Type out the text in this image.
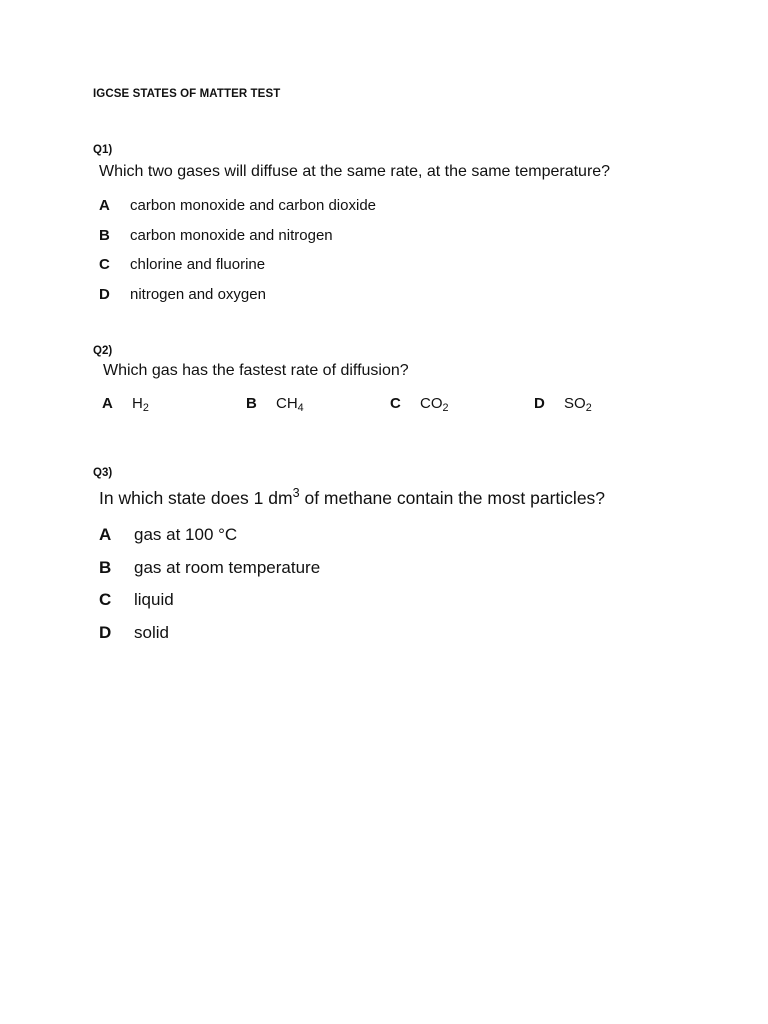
IGCSE STATES OF MATTER TEST
Q1)
Which two gases will diffuse at the same rate, at the same temperature?
A carbon monoxide and carbon dioxide
B carbon monoxide and nitrogen
C chlorine and fluorine
D nitrogen and oxygen
Q2)
Which gas has the fastest rate of diffusion?
A $H_2$	B $CH_4$	C $CO_2$	D $SO_2$
Q3)
In which state does 1 $dm^3$ of methane contain the most particles?
A gas at 100 °C
B gas at room temperature
C liquid
D solid
